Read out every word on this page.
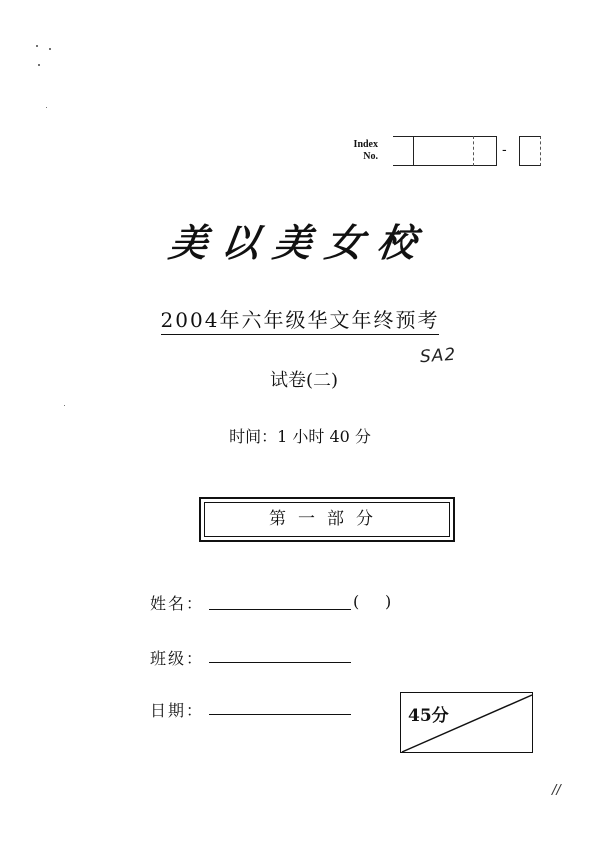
Index
No.	-
美以美女校
2004年六年级华文年终预考
试卷(二)
SA2
时间：1 小时 40 分
第一部分
姓名：	( )
班级：
日期：	45分
//
